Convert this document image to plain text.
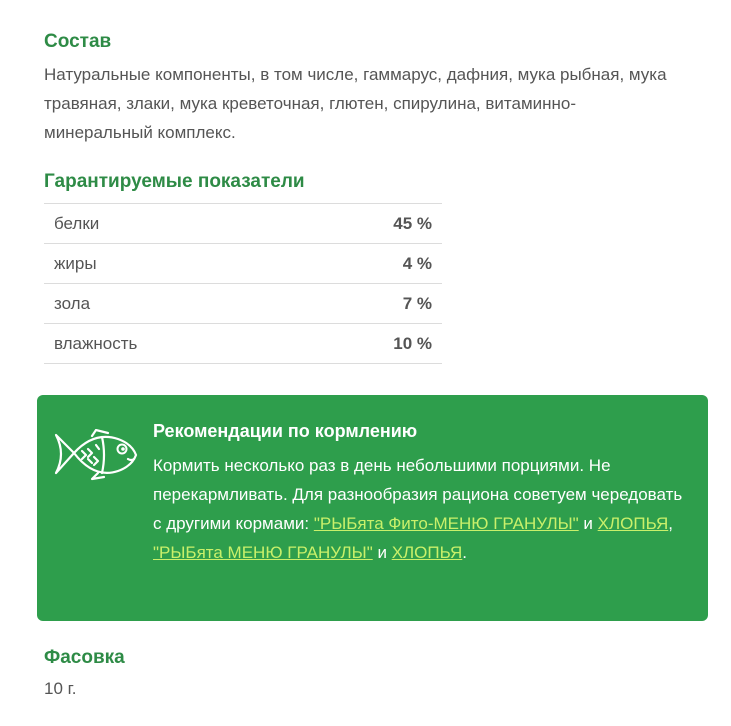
Состав

Натуральные компоненты, в том числе, гаммарус, дафния, мука рыбная, мука травяная, злаки, мука креветочная, глютен, спирулина, витаминно-минеральный комплекс.

Гарантируемые показатели
белки	45 %
жиры	4 %
зола	7 %
влажность	10 %
Рекомендации по кормлению

Кормить несколько раз в день небольшими порциями. Не перекармливать. Для разнообразия рациона советуем чередовать с другими кормами: "РЫБята Фито-МЕНЮ ГРАНУЛЫ" и ХЛОПЬЯ, "РЫБята МЕНЮ ГРАНУЛЫ" и ХЛОПЬЯ.

Фасовка

10 г.
